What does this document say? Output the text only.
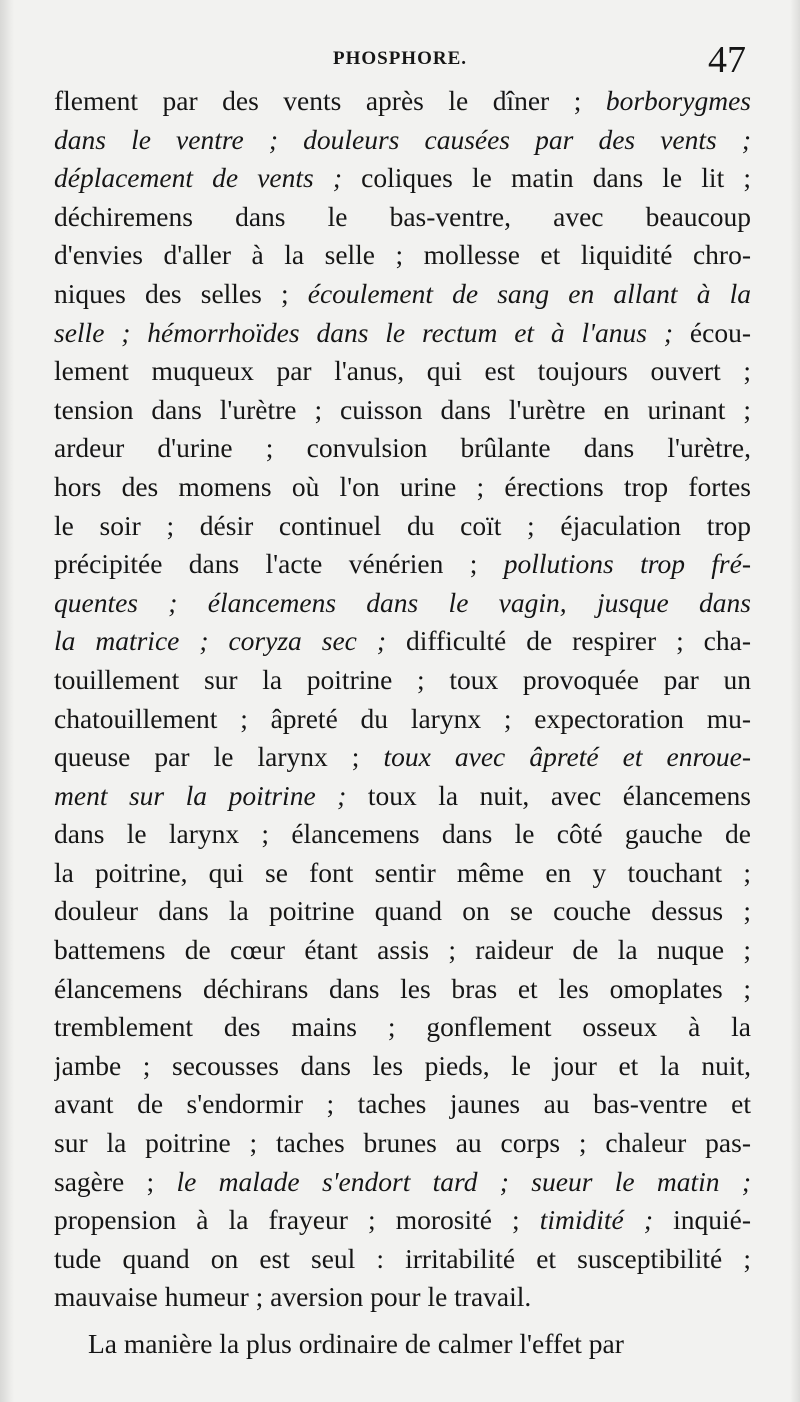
PHOSPHORE.	47
flement par des vents après le dîner ; borborygmes
dans le ventre ; douleurs causées par des vents ;
déplacement de vents ; coliques le matin dans le lit ;
déchiremens dans le bas-ventre, avec beaucoup
d'envies d'aller à la selle ; mollesse et liquidité chro-
niques des selles ; écoulement de sang en allant à la
selle ; hémorrhoïdes dans le rectum et à l'anus ; écou-
lement muqueux par l'anus, qui est toujours ouvert ;
tension dans l'urètre ; cuisson dans l'urètre en urinant ;
ardeur d'urine ; convulsion brûlante dans l'urètre,
hors des momens où l'on urine ; érections trop fortes
le soir ; désir continuel du coït ; éjaculation trop
précipitée dans l'acte vénérien ; pollutions trop fré-
quentes ; élancemens dans le vagin, jusque dans
la matrice ; coryza sec ; difficulté de respirer ; cha-
touillement sur la poitrine ; toux provoquée par un
chatouillement ; âpreté du larynx ; expectoration mu-
queuse par le larynx ; toux avec âpreté et enroue-
ment sur la poitrine ; toux la nuit, avec élancemens
dans le larynx ; élancemens dans le côté gauche de
la poitrine, qui se font sentir même en y touchant ;
douleur dans la poitrine quand on se couche dessus ;
battemens de cœur étant assis ; raideur de la nuque ;
élancemens déchirans dans les bras et les omoplates ;
tremblement des mains ; gonflement osseux à la
jambe ; secousses dans les pieds, le jour et la nuit,
avant de s'endormir ; taches jaunes au bas-ventre et
sur la poitrine ; taches brunes au corps ; chaleur pas-
sagère ; le malade s'endort tard ; sueur le matin ;
propension à la frayeur ; morosité ; timidité ; inquié-
tude quand on est seul : irritabilité et susceptibilité ;
mauvaise humeur ; aversion pour le travail.
La manière la plus ordinaire de calmer l'effet par
